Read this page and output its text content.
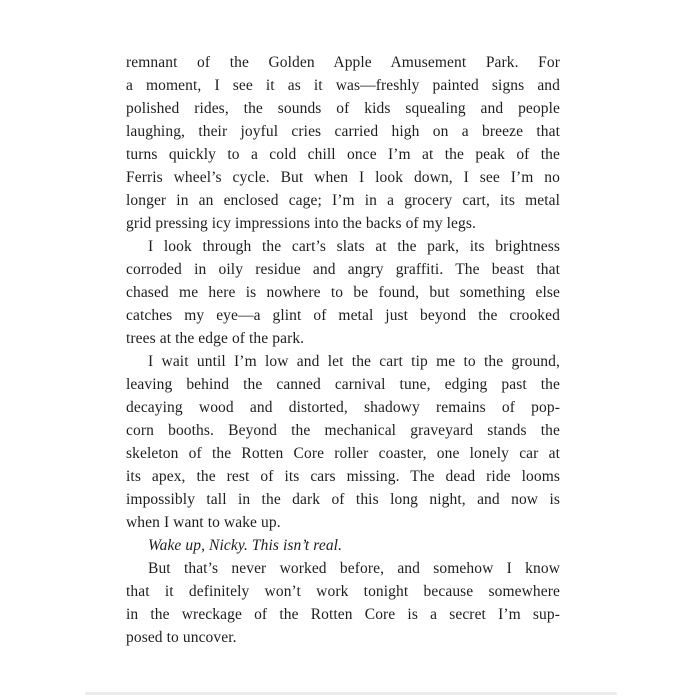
remnant of the Golden Apple Amusement Park. For
a moment, I see it as it was—freshly painted signs and
polished rides, the sounds of kids squealing and people
laughing, their joyful cries carried high on a breeze that
turns quickly to a cold chill once I’m at the peak of the
Ferris wheel’s cycle. But when I look down, I see I’m no
longer in an enclosed cage; I’m in a grocery cart, its metal
grid pressing icy impressions into the backs of my legs.
I look through the cart’s slats at the park, its brightness
corroded in oily residue and angry graffiti. The beast that
chased me here is nowhere to be found, but something else
catches my eye—a glint of metal just beyond the crooked
trees at the edge of the park.
I wait until I’m low and let the cart tip me to the ground,
leaving behind the canned carnival tune, edging past the
decaying wood and distorted, shadowy remains of pop-
corn booths. Beyond the mechanical graveyard stands the
skeleton of the Rotten Core roller coaster, one lonely car at
its apex, the rest of its cars missing. The dead ride looms
impossibly tall in the dark of this long night, and now is
when I want to wake up.
Wake up, Nicky. This isn’t real.
But that’s never worked before, and somehow I know
that it definitely won’t work tonight because somewhere
in the wreckage of the Rotten Core is a secret I’m sup-
posed to uncover.
